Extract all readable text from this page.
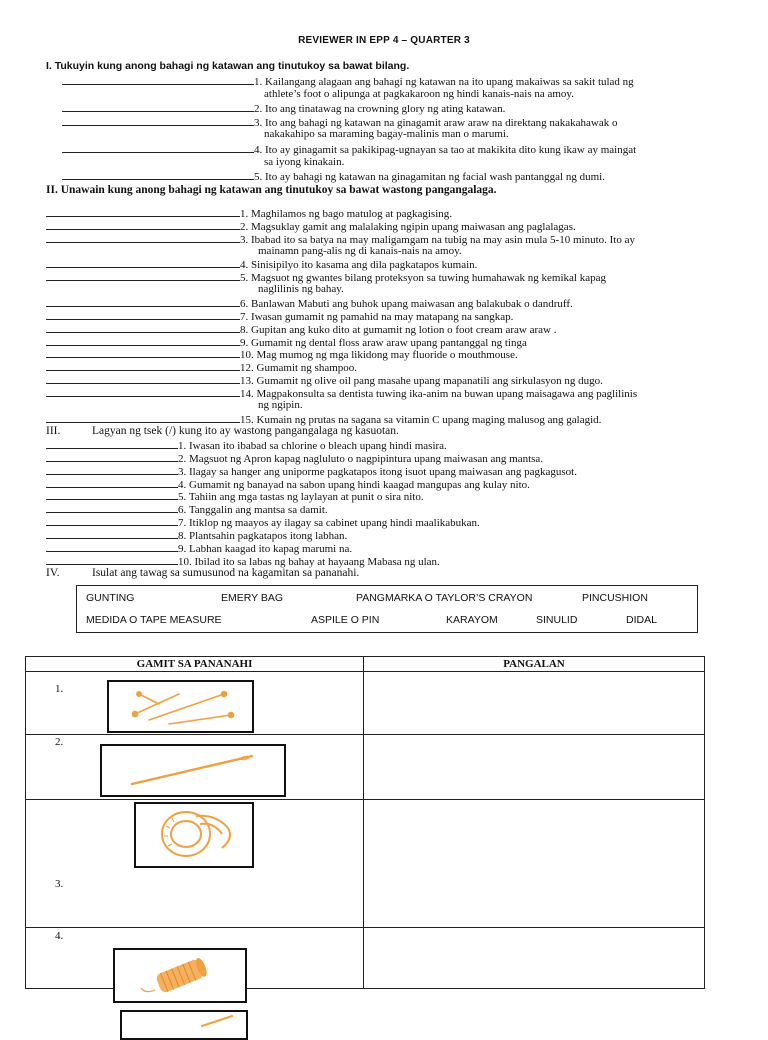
REVIEWER IN EPP 4 – QUARTER 3
I. Tukuyin kung anong bahagi ng katawan ang tinutukoy sa bawat bilang.
1. Kailangang alagaan ang bahagi ng katawan na ito upang makaiwas sa sakit tulad ng
athlete’s foot o alipunga at pagkakaroon ng hindi kanais-nais na amoy.
2. Ito ang tinatawag na crowning glory ng ating katawan.
3. Ito ang bahagi ng katawan na ginagamit araw araw na direktang nakakahawak o
nakakahipo sa maraming bagay-malinis man o marumi.
4. Ito ay ginagamit sa pakikipag-ugnayan sa tao at makikita dito kung ikaw ay maingat
sa iyong kinakain.
5. Ito ay bahagi ng katawan na ginagamitan ng facial wash pantanggal ng dumi.
II. Unawain kung anong bahagi ng katawan ang tinutukoy sa bawat wastong pangangalaga.
1. Maghilamos ng bago matulog at pagkagising.
2. Magsuklay gamit ang malalaking ngipin upang maiwasan ang paglalagas.
3. Ibabad ito sa batya na may maligamgam na tubig na may asin mula 5-10 minuto. Ito ay
mainamn pang-alis ng di kanais-nais na amoy.
4. Sinisipilyo ito kasama ang dila pagkatapos kumain.
5. Magsuot ng gwantes bilang proteksyon sa tuwing humahawak ng kemikal kapag
naglilinis ng bahay.
6. Banlawan Mabuti ang buhok upang maiwasan ang balakubak o dandruff.
7. Iwasan gumamit ng pamahid na may matapang na sangkap.
8. Gupitan ang kuko dito at gumamit ng lotion o foot cream araw araw .
9. Gumamit ng dental floss araw araw upang pantanggal ng tinga
10. Mag mumog ng mga likidong may fluoride o mouthmouse.
12. Gumamit ng shampoo.
13. Gumamit ng olive oil pang masahe upang mapanatili ang sirkulasyon ng dugo.
14. Magpakonsulta sa dentista tuwing ika-anim na buwan upang maisagawa ang paglilinis
ng ngipin.
15. Kumain ng prutas na sagana sa vitamin C upang maging malusog ang galagid.
III.	Lagyan ng tsek (/) kung ito ay wastong pangangalaga ng kasuotan.
1. Iwasan ito ibabad sa chlorine o bleach upang hindi masira.
2. Magsuot ng Apron kapag nagluluto o nagpipintura upang maiwasan ang mantsa.
3. Ilagay sa hanger ang uniporme pagkatapos itong isuot upang maiwasan ang pagkagusot.
4. Gumamit ng banayad na sabon upang hindi kaagad mangupas ang kulay nito.
5. Tahiin ang mga tastas ng laylayan at punit o sira nito.
6. Tanggalin ang mantsa sa damit.
7. Itiklop ng maayos ay ilagay sa cabinet upang hindi maalikabukan.
8. Plantsahin pagkatapos itong labhan.
9. Labhan kaagad ito kapag marumi na.
10. Ibilad ito sa labas ng bahay at hayaang Mabasa ng ulan.
IV.	Isulat ang tawag sa sumusunod na kagamitan sa pananahi.
GUNTING	EMERY BAG	PANGMARKA O TAYLOR’S CRAYON	PINCUSHION
MEDIDA O TAPE MEASURE	ASPILE O PIN	KARAYOM	SINULID	DIDAL
GAMIT SA PANANAHI	PANGALAN

1.
2.
3.
4.
